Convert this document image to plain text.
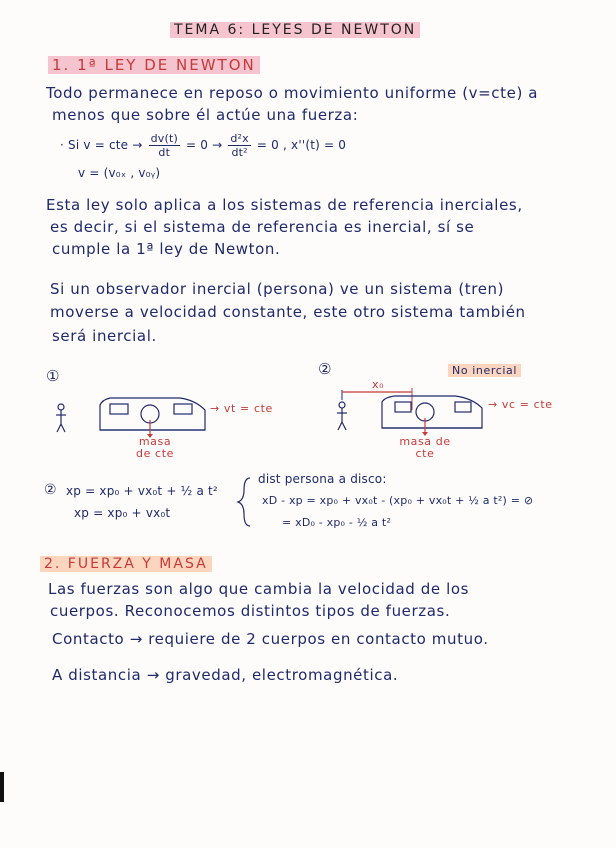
TEMA 6: LEYES DE NEWTON
1. 1ª LEY DE NEWTON
Todo permanece en reposo o movimiento uniforme (v=cte) a
menos que sobre él actúe una fuerza:
· Si v = cte → $\frac{dv(t)}{dt} = 0 \to \frac{\text{d²x}}{\text{dt²}} = 0$ , x''(t) = 0
v = (v₀ₓ , v₀ᵧ)
Esta ley solo aplica a los sistemas de referencia inerciales,
es decir, si el sistema de referencia es inercial, sí se
cumple la 1ª ley de Newton.
Si un observador inercial (persona) ve un sistema (tren)
moverse a velocidad constante, este otro sistema también
será inercial.
①	②
→ vt = cte
masa de cte
x₀
No inercial
→ vc = cte
masa de cte
② xp = xp₀ + vx₀t + ½ a t²
xp = xp₀ + vx₀t
dist persona a disco:
xD - xp = xp₀ + vx₀t - (xp₀ + vx₀t + ½ a t²) = ⊘
= xD₀ - xp₀ - ½ a t²
2. FUERZA Y MASA
Las fuerzas son algo que cambia la velocidad de los
cuerpos. Reconocemos distintos tipos de fuerzas.
Contacto → requiere de 2 cuerpos en contacto mutuo.
A distancia → gravedad, electromagnética.
